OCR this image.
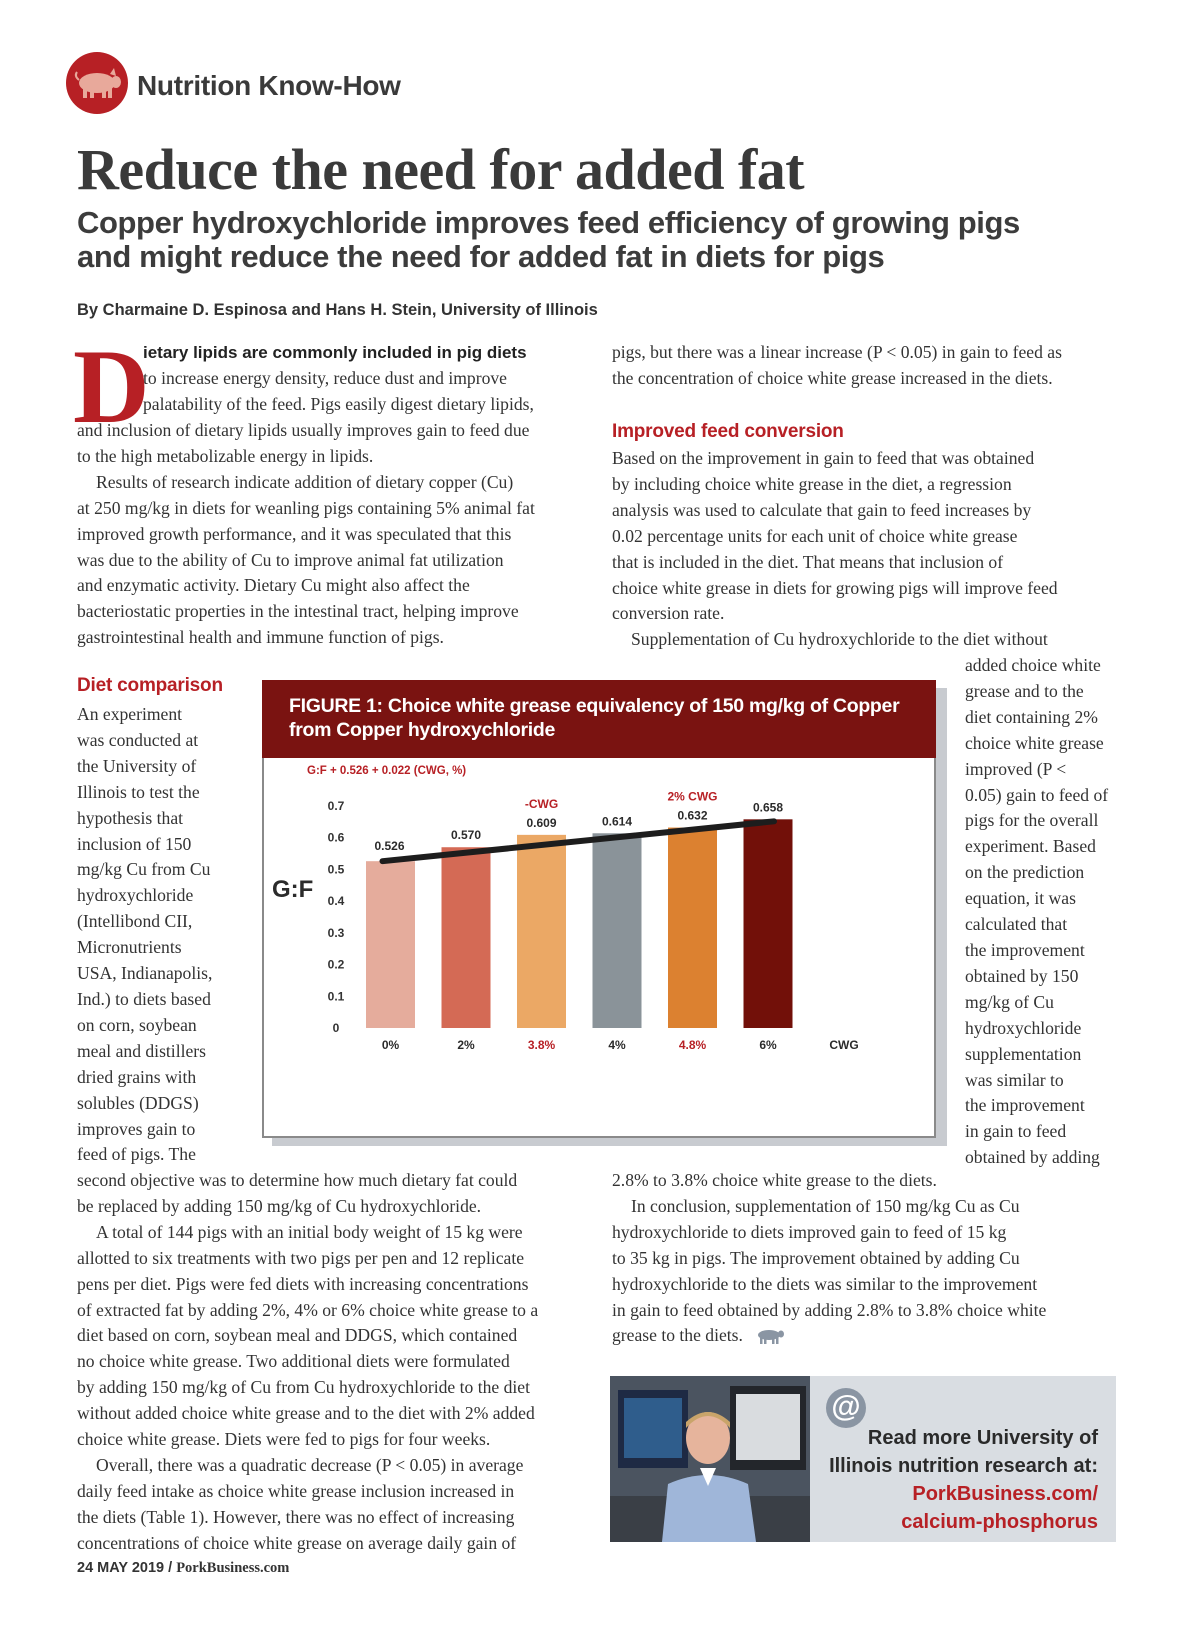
Nutrition Know-How
Reduce the need for added fat
Copper hydroxychloride improves feed efficiency of growing pigs
and might reduce the need for added fat in diets for pigs
By Charmaine D. Espinosa and Hans H. Stein, University of Illinois
D
ietary lipids are commonly included in pig diets
to increase energy density, reduce dust and improve
palatability of the feed. Pigs easily digest dietary lipids,
and inclusion of dietary lipids usually improves gain to feed due
to the high metabolizable energy in lipids.
Results of research indicate addition of dietary copper (Cu)
at 250 mg/kg in diets for weanling pigs containing 5% animal fat
improved growth performance, and it was speculated that this
was due to the ability of Cu to improve animal fat utilization
and enzymatic activity. Dietary Cu might also affect the
bacteriostatic properties in the intestinal tract, helping improve
gastrointestinal health and immune function of pigs.
Diet comparison
An experiment
was conducted at
the University of
Illinois to test the
hypothesis that
inclusion of 150
mg/kg Cu from Cu
hydroxychloride
(Intellibond CII,
Micronutrients
USA, Indianapolis,
Ind.) to diets based
on corn, soybean
meal and distillers
dried grains with
solubles (DDGS)
improves gain to
feed of pigs. The
second objective was to determine how much dietary fat could
be replaced by adding 150 mg/kg of Cu hydroxychloride.
A total of 144 pigs with an initial body weight of 15 kg were
allotted to six treatments with two pigs per pen and 12 replicate
pens per diet. Pigs were fed diets with increasing concentrations
of extracted fat by adding 2%, 4% or 6% choice white grease to a
diet based on corn, soybean meal and DDGS, which contained
no choice white grease. Two additional diets were formulated
by adding 150 mg/kg of Cu from Cu hydroxychloride to the diet
without added choice white grease and to the diet with 2% added
choice white grease. Diets were fed to pigs for four weeks.
Overall, there was a quadratic decrease (P < 0.05) in average
daily feed intake as choice white grease inclusion increased in
the diets (Table 1). However, there was no effect of increasing
concentrations of choice white grease on average daily gain of
pigs, but there was a linear increase (P < 0.05) in gain to feed as
the concentration of choice white grease increased in the diets.
Improved feed conversion
Based on the improvement in gain to feed that was obtained
by including choice white grease in the diet, a regression
analysis was used to calculate that gain to feed increases by
0.02 percentage units for each unit of choice white grease
that is included in the diet. That means that inclusion of
choice white grease in diets for growing pigs will improve feed
conversion rate.
Supplementation of Cu hydroxychloride to the diet without
added choice white
grease and to the
diet containing 2%
choice white grease
improved (P <
0.05) gain to feed of
pigs for the overall
experiment. Based
on the prediction
equation, it was
calculated that
the improvement
obtained by 150
mg/kg of Cu
hydroxychloride
supplementation
was similar to
the improvement
in gain to feed
obtained by adding
2.8% to 3.8% choice white grease to the diets.
In conclusion, supplementation of 150 mg/kg Cu as Cu
hydroxychloride to diets improved gain to feed of 15 kg
to 35 kg in pigs. The improvement obtained by adding Cu
hydroxychloride to the diets was similar to the improvement
in gain to feed obtained by adding 2.8% to 3.8% choice white
grease to the diets.
FIGURE 1: Choice white grease equivalency of 150 mg/kg of Copper
from Copper hydroxychloride
G:F + 0.526 + 0.022 (CWG, %)
G:F
0
0.1
0.2
0.3
0.4
0.5
0.6
0.7
0.526
0.570
0.609	0.614	0.632
0.658
-CWG
2% CWG
0%	2%	3.8%	4%	4.8%	6%	CWG
@
Read more University of
Illinois nutrition research at:
PorkBusiness.com/
calcium-phosphorus
24 MAY 2019 / PorkBusiness.com
